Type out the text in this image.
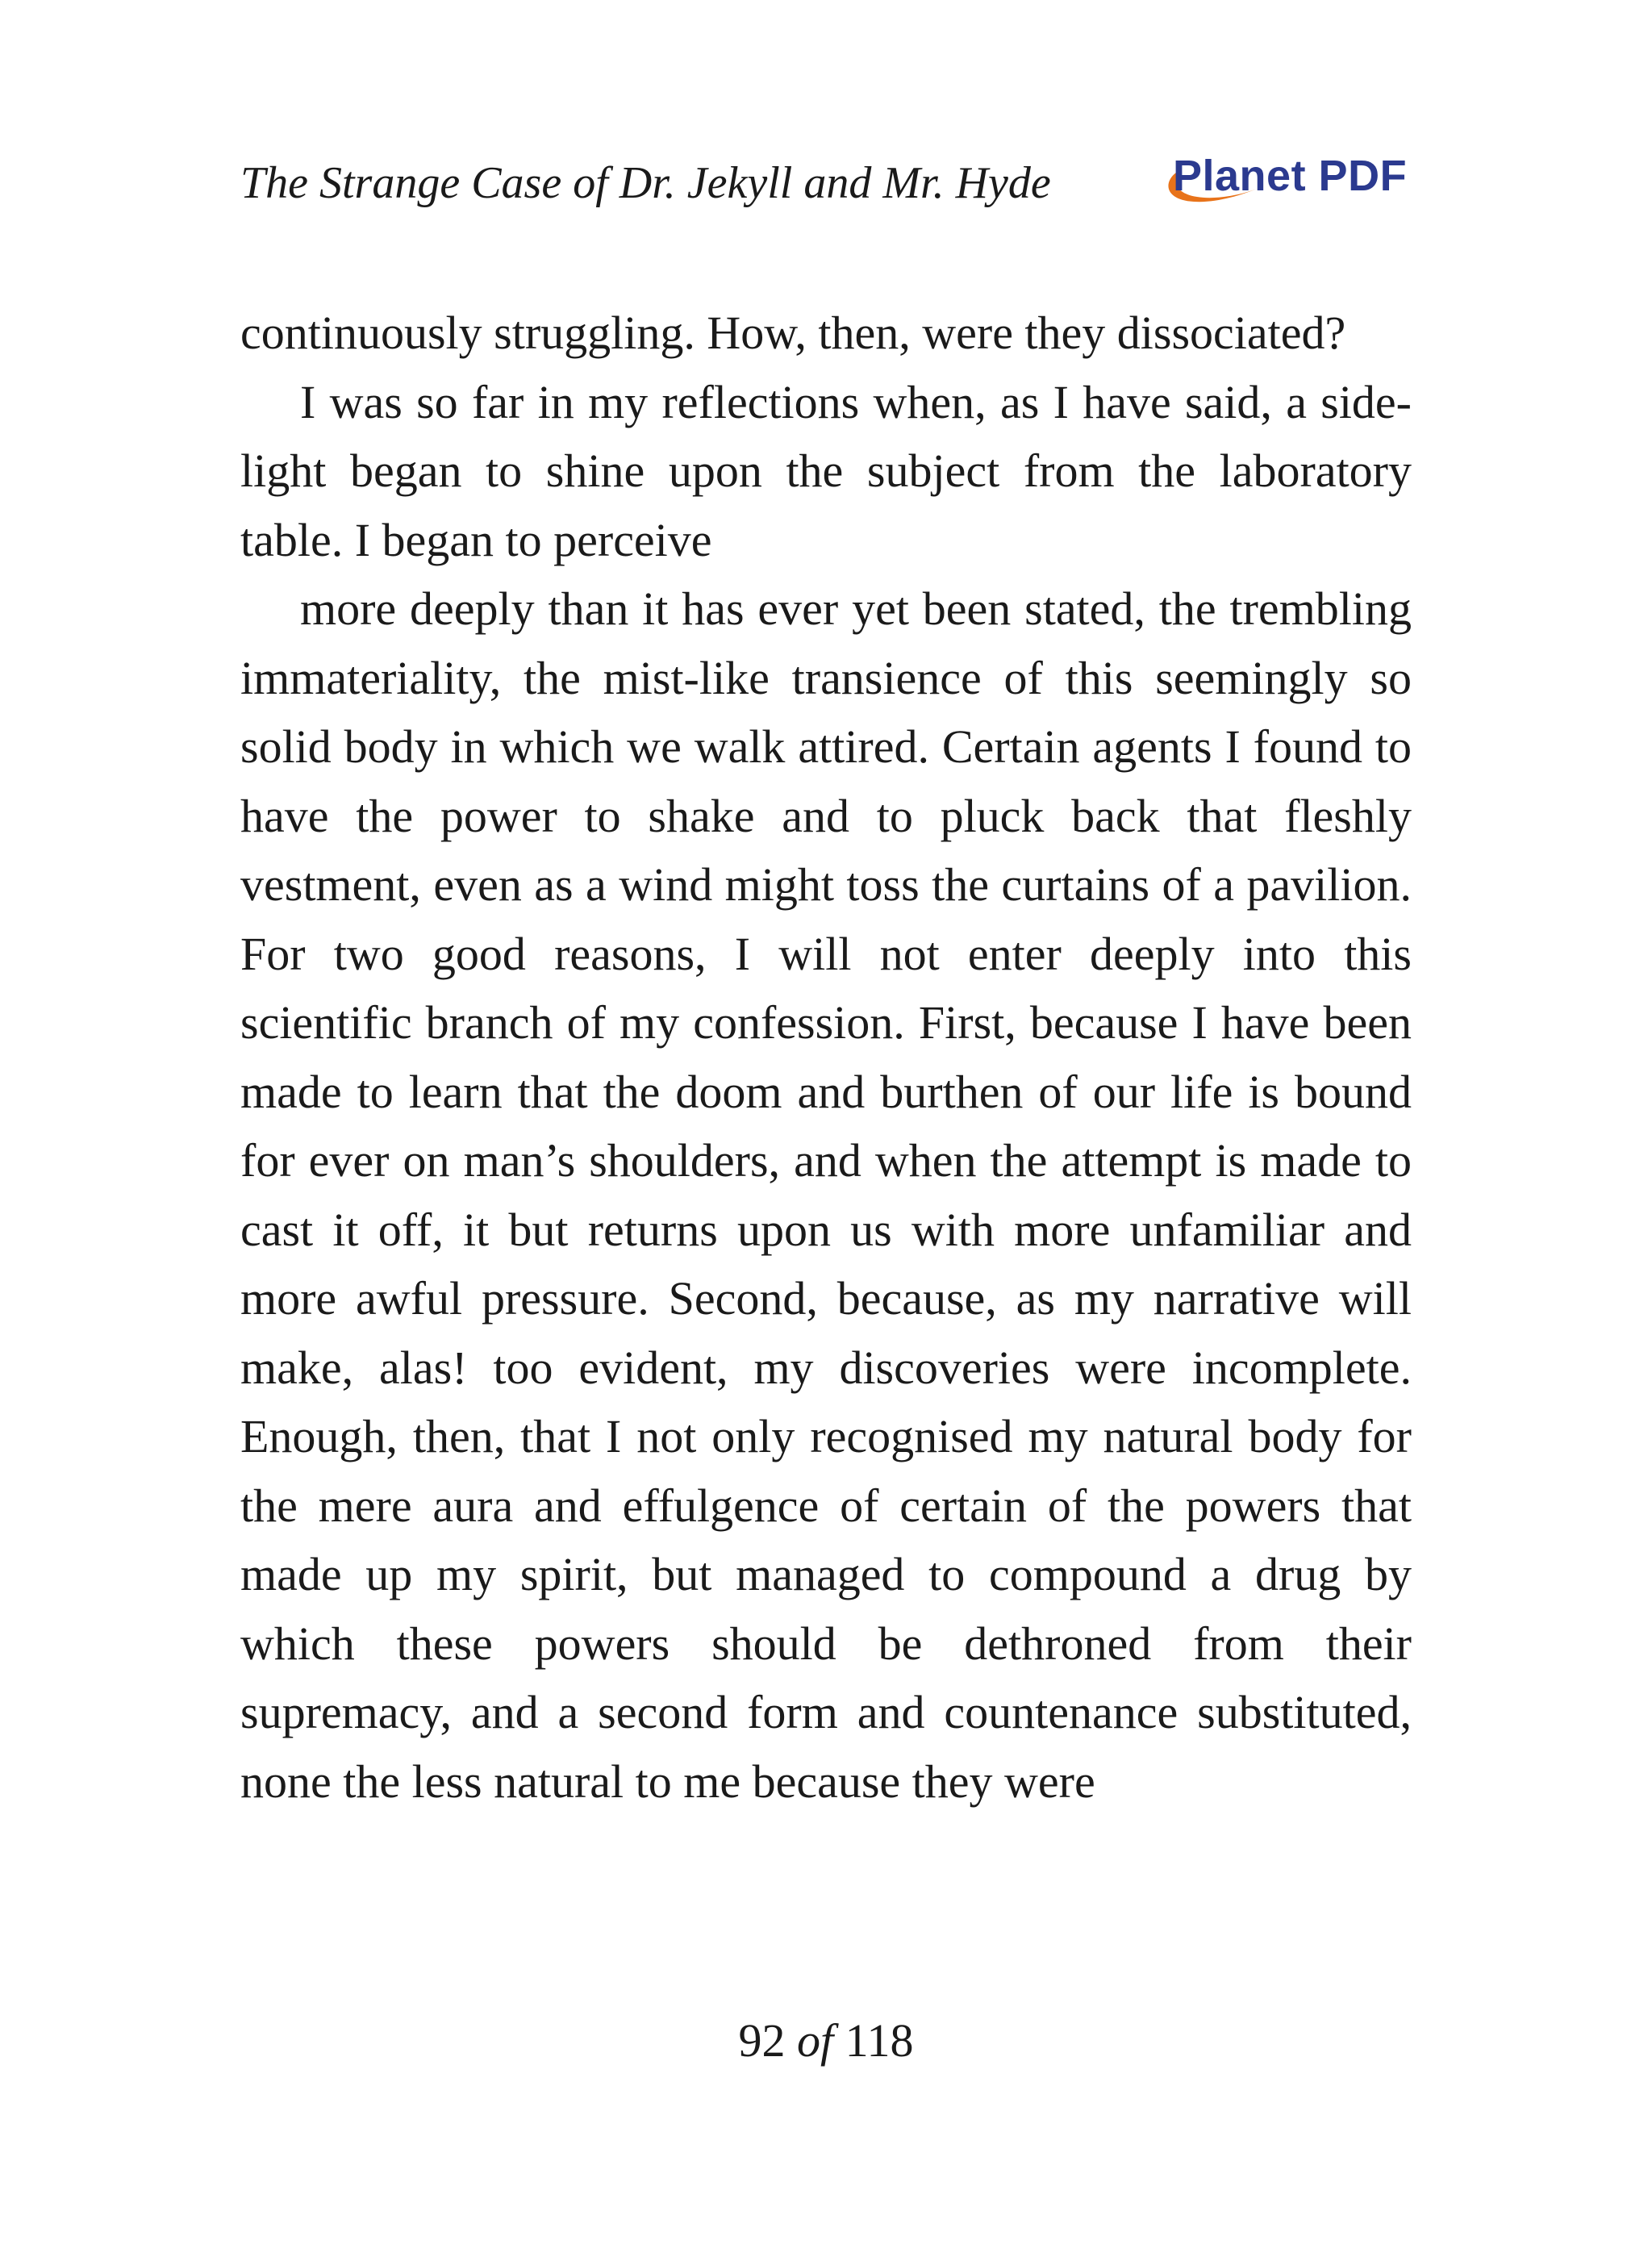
The Strange Case of Dr. Jekyll and Mr. Hyde	Planet PDF

continuously struggling. How, then, were they dissociated?

I was so far in my reflections when, as I have said, a side-light began to shine upon the subject from the laboratory table. I began to perceive

more deeply than it has ever yet been stated, the trembling immateriality, the mist-like transience of this seemingly so solid body in which we walk attired. Certain agents I found to have the power to shake and to pluck back that fleshly vestment, even as a wind might toss the curtains of a pavilion. For two good reasons, I will not enter deeply into this scientific branch of my confession. First, because I have been made to learn that the doom and burthen of our life is bound for ever on man’s shoulders, and when the attempt is made to cast it off, it but returns upon us with more unfamiliar and more awful pressure. Second, because, as my narrative will make, alas! too evident, my discoveries were incomplete. Enough, then, that I not only recognised my natural body for the mere aura and effulgence of certain of the powers that made up my spirit, but managed to compound a drug by which these powers should be dethroned from their supremacy, and a second form and countenance substituted, none the less natural to me because they were

92 of 118
